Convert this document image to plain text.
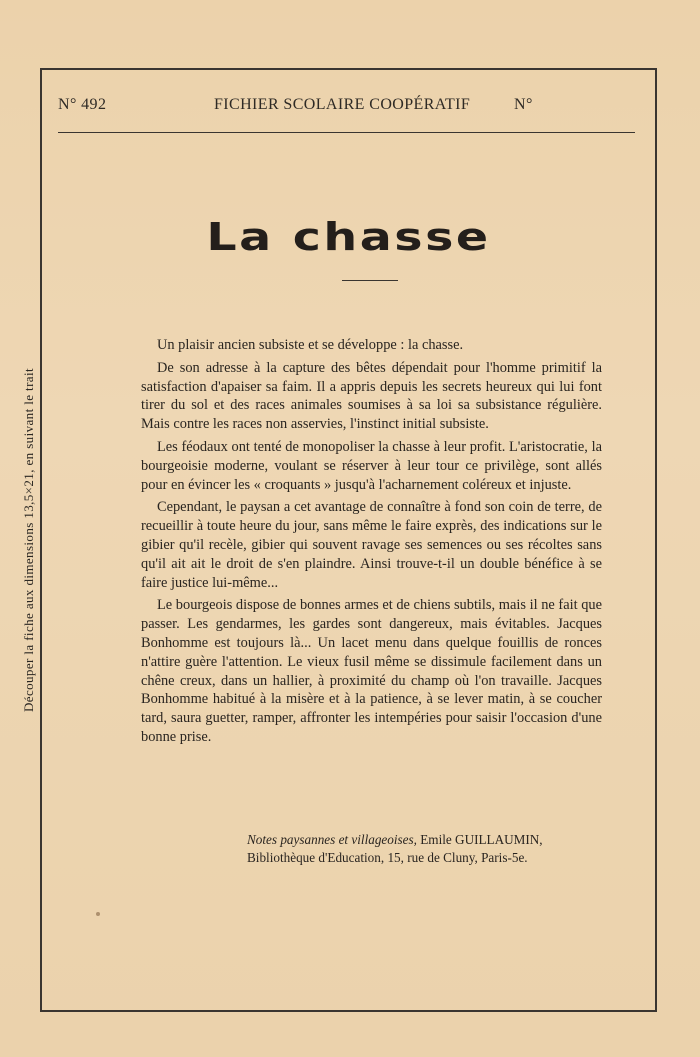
Découper la fiche aux dimensions 13,5×21, en suivant le trait
N° 492	FICHIER SCOLAIRE COOPÉRATIF	N°
La chasse

Un plaisir ancien subsiste et se développe : la chasse.

De son adresse à la capture des bêtes dépendait pour l'homme primitif la satisfaction d'apaiser sa faim. Il a appris depuis les secrets heureux qui lui font tirer du sol et des races animales soumises à sa loi sa subsistance régulière. Mais contre les races non asservies, l'instinct initial subsiste.

Les féodaux ont tenté de monopoliser la chasse à leur profit. L'aristocratie, la bourgeoisie moderne, voulant se réserver à leur tour ce privilège, sont allés pour en évincer les « croquants » jusqu'à l'acharnement coléreux et injuste.

Cependant, le paysan a cet avantage de connaître à fond son coin de terre, de recueillir à toute heure du jour, sans même le faire exprès, des indications sur le gibier qu'il recèle, gibier qui souvent ravage ses semences ou ses récoltes sans qu'il ait ait le droit de s'en plaindre. Ainsi trouve-t-il un double bénéfice à se faire justice lui-même...

Le bourgeois dispose de bonnes armes et de chiens subtils, mais il ne fait que passer. Les gendarmes, les gardes sont dangereux, mais évitables. Jacques Bonhomme est toujours là... Un lacet menu dans quelque fouillis de ronces n'attire guère l'attention. Le vieux fusil même se dissimule facilement dans un chêne creux, dans un hallier, à proximité du champ où l'on travaille. Jacques Bonhomme habitué à la misère et à la patience, à se lever matin, à se coucher tard, saura guetter, ramper, affronter les intempéries pour saisir l'occasion d'une bonne prise.

Notes paysannes et villageoises, Emile GUILLAUMIN,
Bibliothèque d'Education, 15, rue de Cluny, Paris-5e.
